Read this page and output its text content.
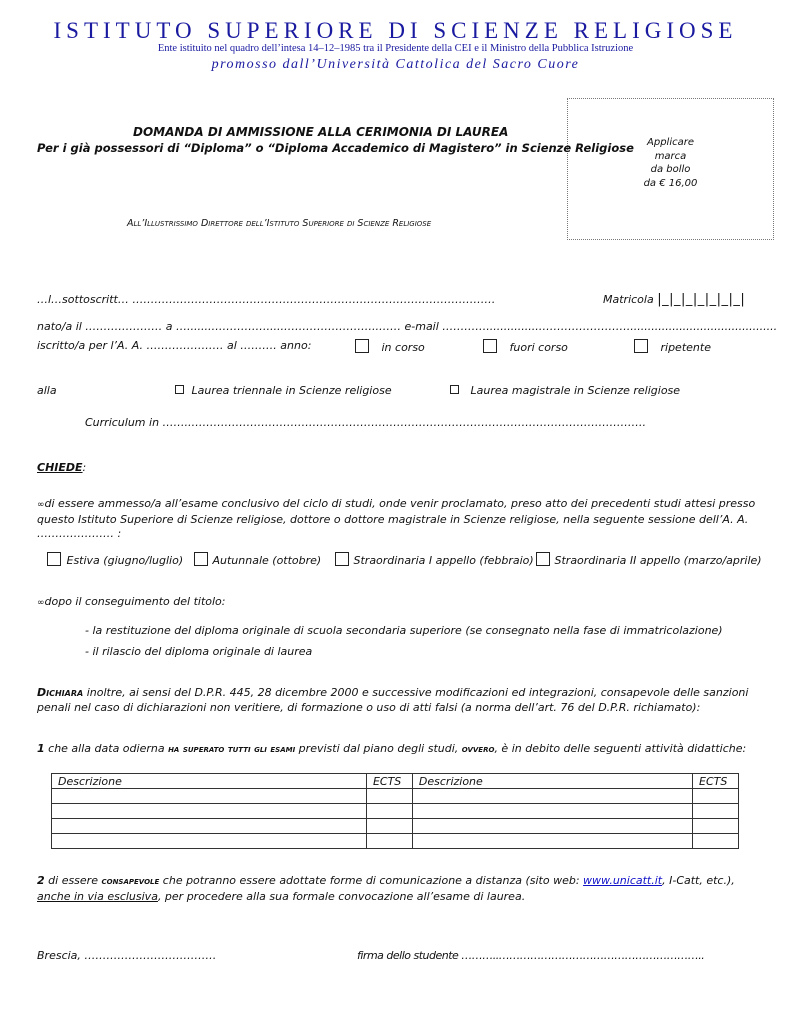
ISTITUTO SUPERIORE DI SCIENZE RELIGIOSE
Ente istituito nel quadro dell’intesa 14–12–1985 tra il Presidente della CEI e il Ministro della Pubblica Istruzione
promosso dall’Università Cattolica del Sacro Cuore
Applicare
marca
da bollo
da € 16,00
DOMANDA DI AMMISSIONE ALLA CERIMONIA DI LAUREA
Per i già possessori di “Diploma” o “Diploma Accademico di Magistero” in Scienze Religiose
All’Illustrissimo Direttore dell’Istituto Superiore di Scienze Religiose
…l…sottoscritt… ………………………………………………………………………………………	Matricola |_|_|_|_|_|_|_|
nato/a il ………………… a ….......…………….....……………………..…… e-mail …………...............……………………...........................................
iscritto/a per l’A. A. ………………… al ………. anno:	in corso	fuori corso	ripetente
alla	Laurea triennale in Scienze religiose	Laurea magistrale in Scienze religiose
Curriculum in ……..…………………………………………………………………………………………………………….
CHIEDE:
∞di essere ammesso/a all’esame conclusivo del ciclo di studi, onde venir proclamato, preso atto dei precedenti studi attesi presso questo Istituto Superiore di Scienze religiose, dottore o dottore magistrale in Scienze religiose, nella seguente sessione dell’A. A. ………………… :
Estiva (giugno/luglio)	Autunnale (ottobre)	Straordinaria I appello (febbraio)	Straordinaria II appello (marzo/aprile)
∞dopo il conseguimento del titolo:
- la restituzione del diploma originale di scuola secondaria superiore (se consegnato nella fase di immatricolazione)
- il rilascio del diploma originale di laurea
Dichiara inoltre, ai sensi del D.P.R. 445, 28 dicembre 2000 e successive modificazioni ed integrazioni, consapevole delle sanzioni penali nel caso di dichiarazioni non veritiere, di formazione o uso di atti falsi (a norma dell’art. 76 del D.P.R. richiamato):
1 che alla data odierna ha superato tutti gli esami previsti dal piano degli studi, ovvero, è in debito delle seguenti attività didattiche:
Descrizione	ECTS	Descrizione	ECTS

2 di essere consapevole che potranno essere adottate forme di comunicazione a distanza (sito web: www.unicatt.it, I-Catt, etc.), anche in via esclusiva, per procedere alla sua formale convocazione all’esame di laurea.
Brescia, ………………………………	firma dello studente ………..…………………………………………………..
